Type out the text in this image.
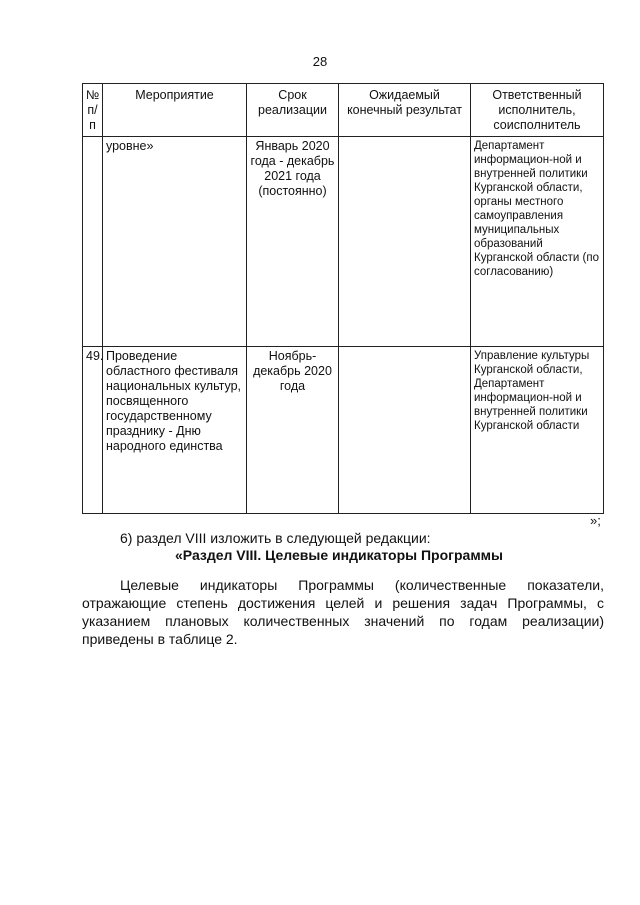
28
№ п/п	Мероприятие	Срок реализации	Ожидаемый конечный результат	Ответственный исполнитель, соисполнитель
	уровне»	Январь 2020 года - декабрь 2021 года (постоянно)		Департамент информацион-ной и внутренней политики Курганской области, органы местного самоуправления муниципальных образований Курганской области (по согласованию)
49.	Проведение областного фестиваля национальных культур, посвященного государственному празднику - Дню народного единства	Ноябрь-декабрь 2020 года		Управление культуры Курганской области, Департамент информацион-ной и внутренней политики Курганской области
»;
6) раздел VIII изложить в следующей редакции:
«Раздел VIII. Целевые индикаторы Программы

Целевые индикаторы Программы (количественные показатели, отражающие степень достижения целей и решения задач Программы, с указанием плановых количественных значений по годам реализации) приведены в таблице 2.
